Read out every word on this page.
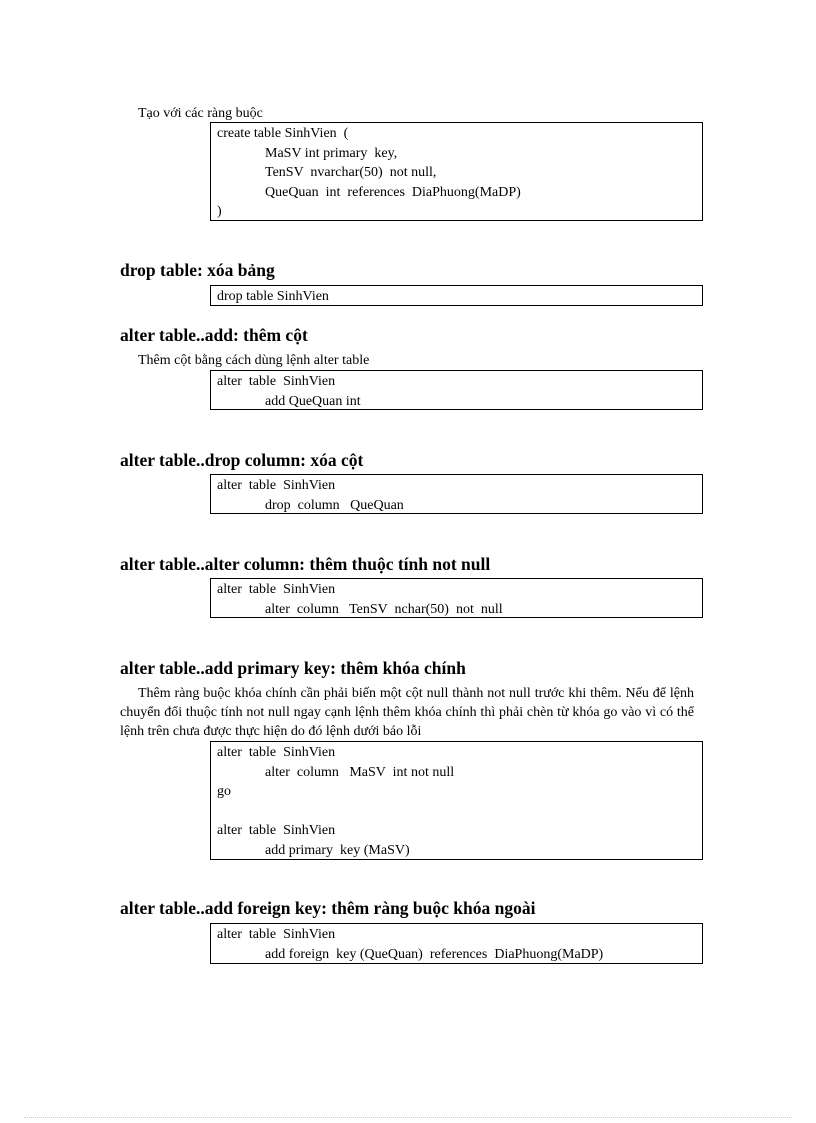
Tạo với các ràng buộc

create table SinhVien  (
MaSV int primary  key,
TenSV  nvarchar(50)  not null,
QueQuan  int  references  DiaPhuong(MaDP)
)
drop table: xóa bảng
drop table SinhVien
alter table..add: thêm cột

Thêm cột bằng cách dùng lệnh alter table

alter  table  SinhVien
add QueQuan int
alter table..drop column: xóa cột
alter  table  SinhVien
drop  column   QueQuan
alter table..alter column: thêm thuộc tính not null
alter  table  SinhVien
alter  column   TenSV  nchar(50)  not  null
alter table..add primary key: thêm khóa chính

Thêm ràng buộc khóa chính cần phải biến một cột null thành not null trước khi thêm. Nếu để lệnh chuyển đổi thuộc tính not null ngay cạnh lệnh thêm khóa chính thì phải chèn từ khóa go vào vì có thể lệnh trên chưa được thực hiện do đó lệnh dưới báo lỗi

alter  table  SinhVien
alter  column   MaSV  int not null
go
alter  table  SinhVien
add primary  key (MaSV)
alter table..add foreign key: thêm ràng buộc khóa ngoài
alter  table  SinhVien
add foreign  key (QueQuan)  references  DiaPhuong(MaDP)
